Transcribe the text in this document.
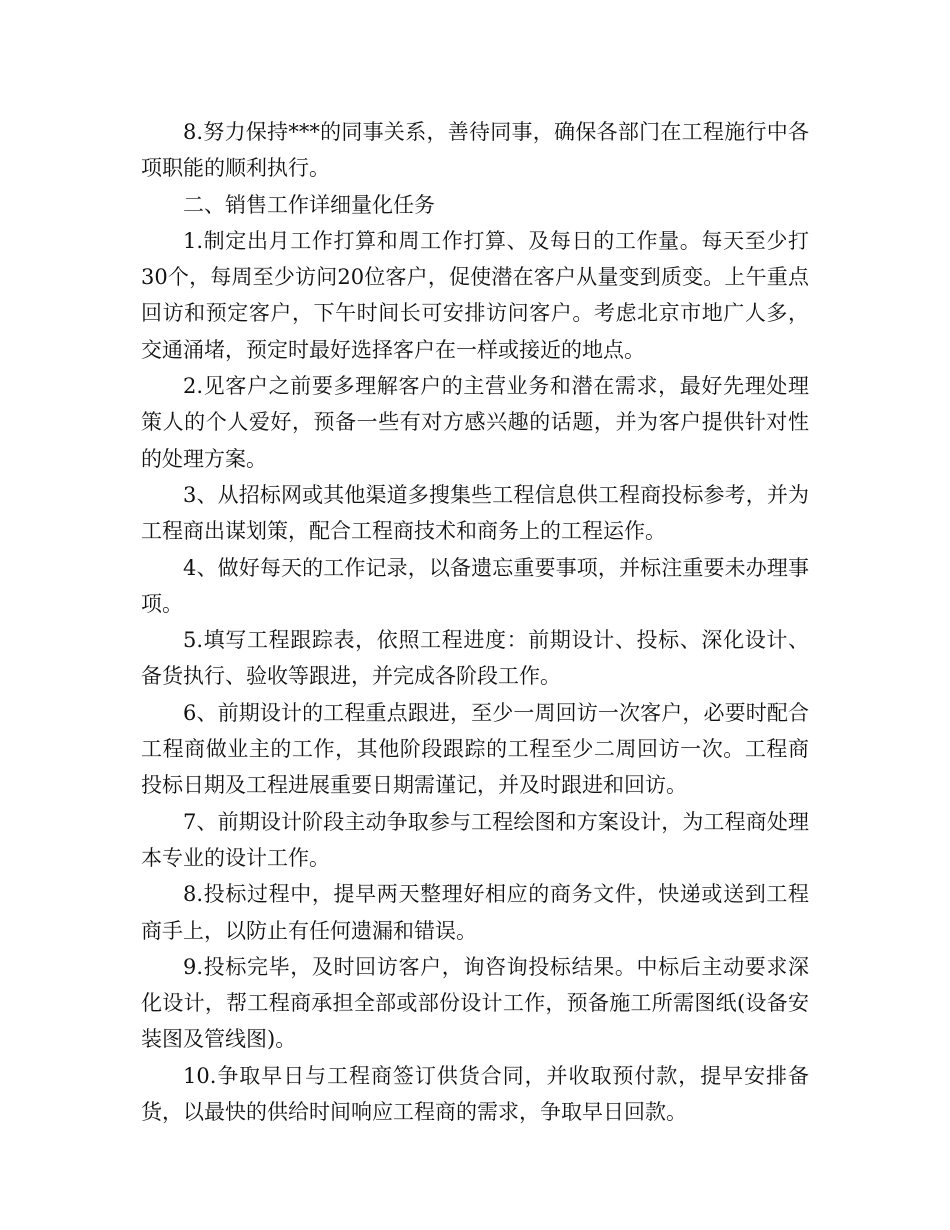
8.努力保持***的同事关系，善待同事，确保各部门在工程施行中各项职能的顺利执行。

二、销售工作详细量化任务

1.制定出月工作打算和周工作打算、及每日的工作量。每天至少打30个，每周至少访问20位客户，促使潜在客户从量变到质变。上午重点回访和预定客户，下午时间长可安排访问客户。考虑北京市地广人多，交通涌堵，预定时最好选择客户在一样或接近的地点。

2.见客户之前要多理解客户的主营业务和潜在需求，最好先理处理策人的个人爱好，预备一些有对方感兴趣的话题，并为客户提供针对性的处理方案。

3、从招标网或其他渠道多搜集些工程信息供工程商投标参考，并为工程商出谋划策，配合工程商技术和商务上的工程运作。

4、做好每天的工作记录，以备遗忘重要事项，并标注重要未办理事项。

5.填写工程跟踪表，依照工程进度：前期设计、投标、深化设计、备货执行、验收等跟进，并完成各阶段工作。

6、前期设计的工程重点跟进，至少一周回访一次客户，必要时配合工程商做业主的工作，其他阶段跟踪的工程至少二周回访一次。工程商投标日期及工程进展重要日期需谨记，并及时跟进和回访。

7、前期设计阶段主动争取参与工程绘图和方案设计，为工程商处理本专业的设计工作。

8.投标过程中，提早两天整理好相应的商务文件，快递或送到工程商手上，以防止有任何遗漏和错误。

9.投标完毕，及时回访客户，询咨询投标结果。中标后主动要求深化设计，帮工程商承担全部或部份设计工作，预备施工所需图纸(设备安装图及管线图)。

10.争取早日与工程商签订供货合同，并收取预付款，提早安排备货，以最快的供给时间响应工程商的需求，争取早日回款。
